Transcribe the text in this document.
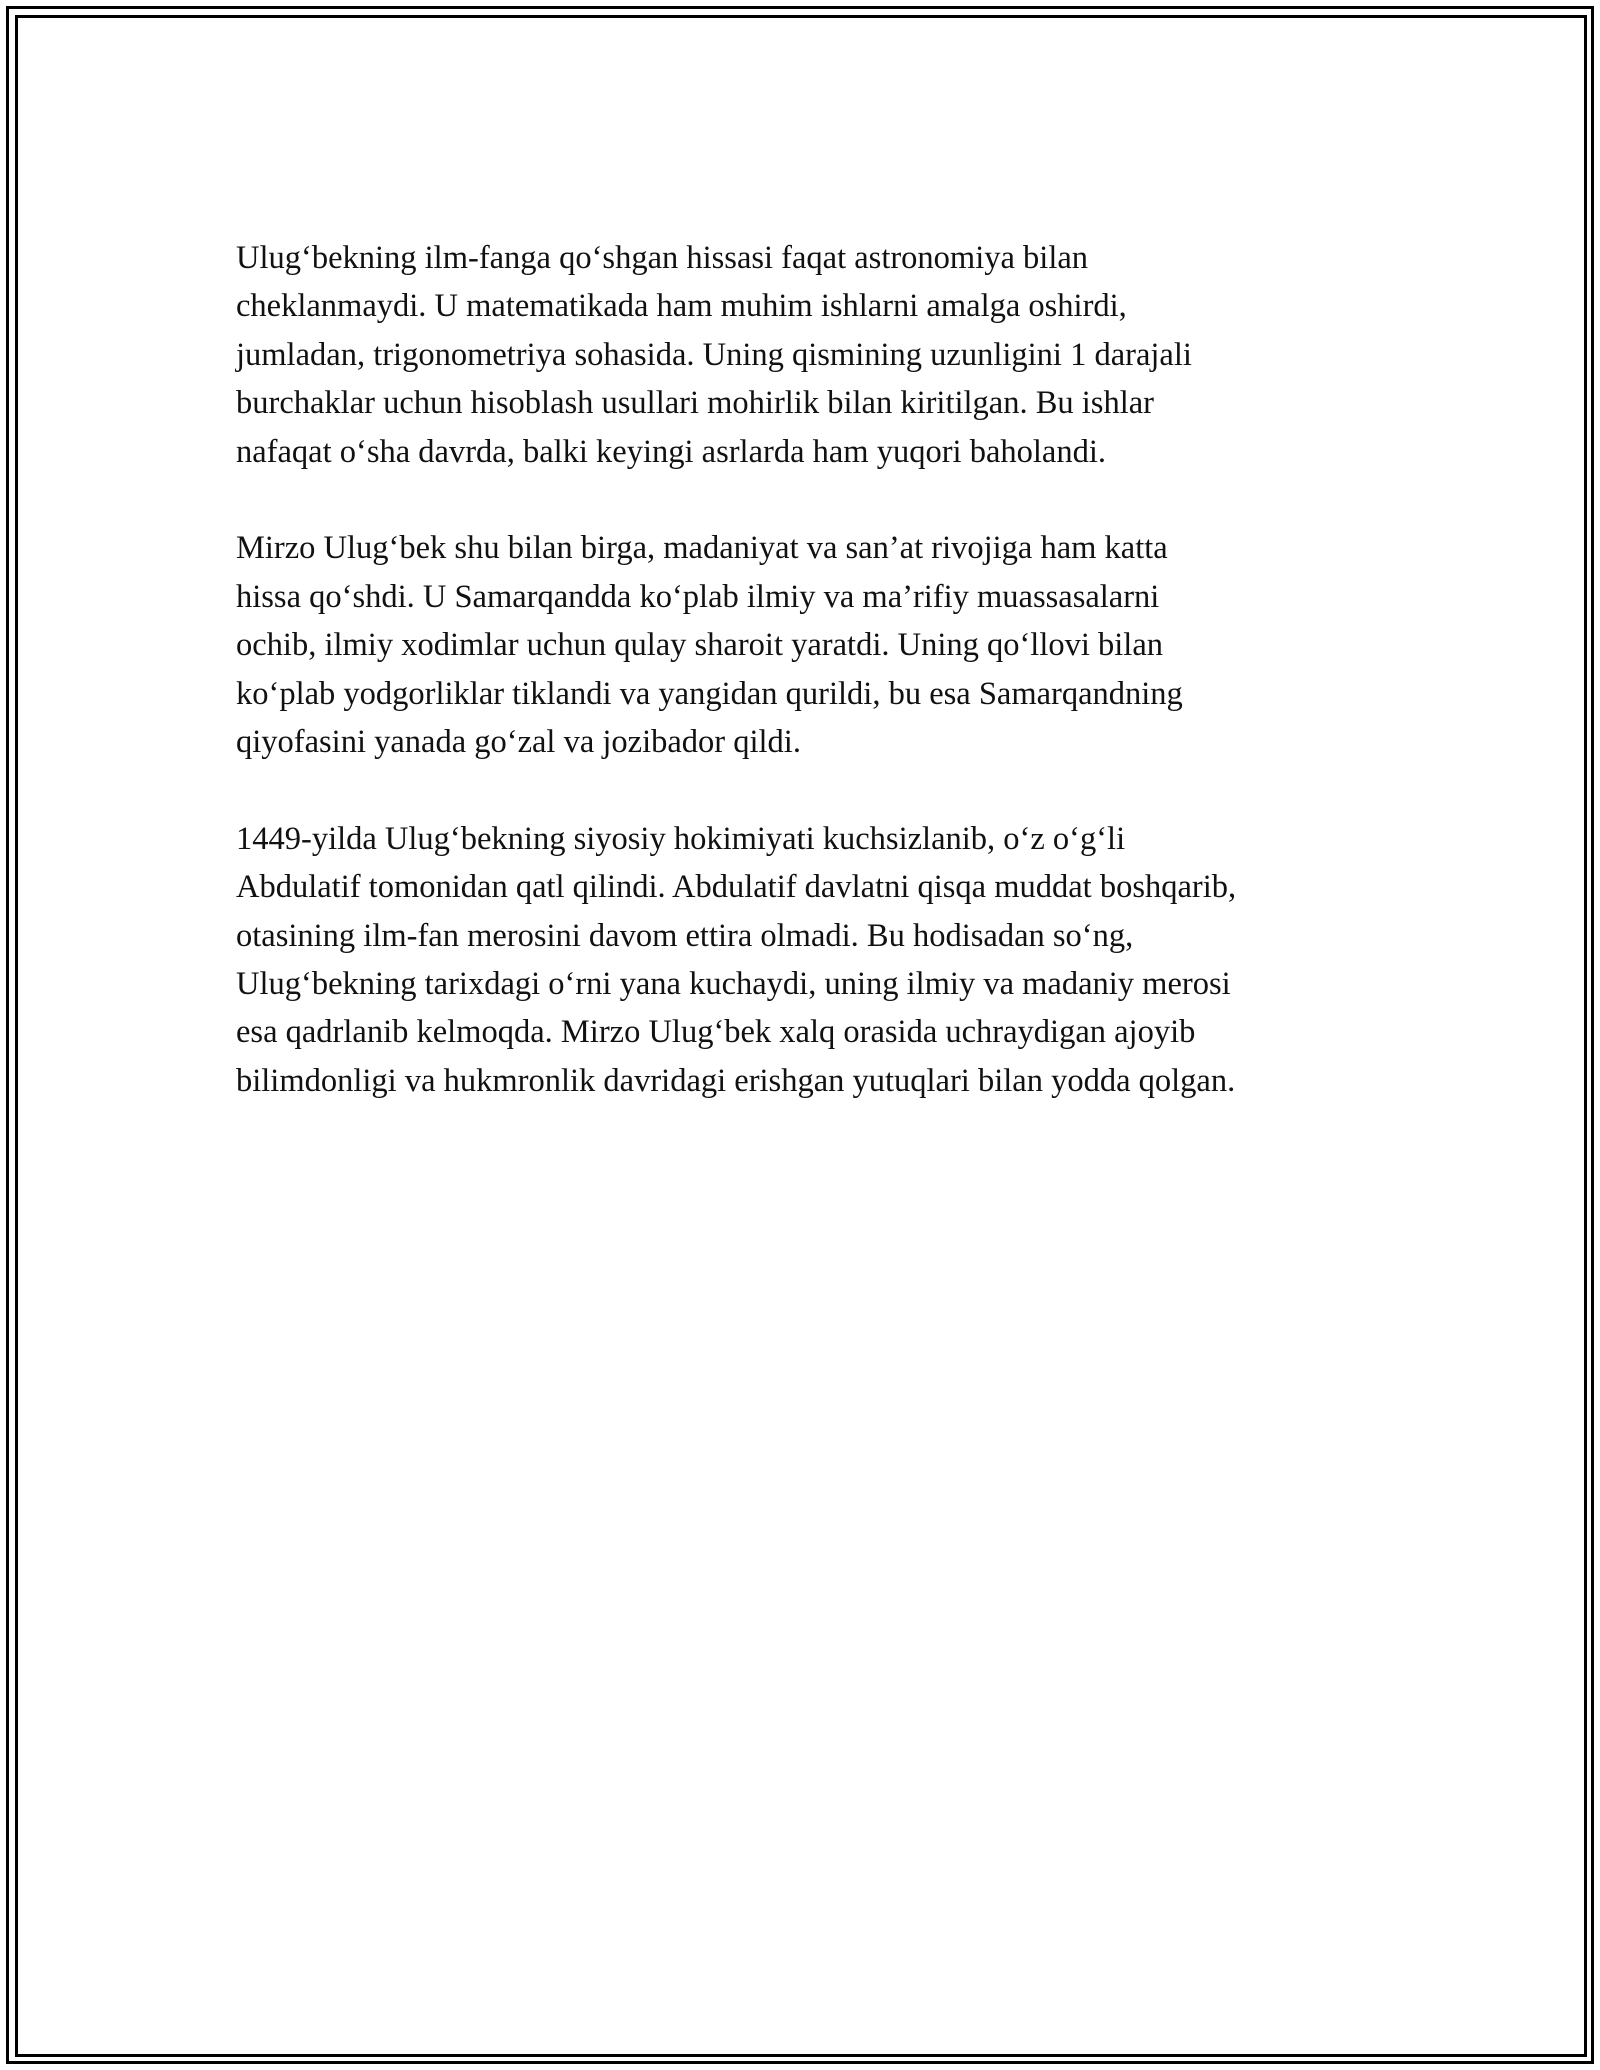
Ulug‘bekning ilm-fanga qo‘shgan hissasi faqat astronomiya bilan
cheklanmaydi. U matematikada ham muhim ishlarni amalga oshirdi,
jumladan, trigonometriya sohasida. Uning qismining uzunligini 1 darajali
burchaklar uchun hisoblash usullari mohirlik bilan kiritilgan. Bu ishlar
nafaqat o‘sha davrda, balki keyingi asrlarda ham yuqori baholandi.

Mirzo Ulug‘bek shu bilan birga, madaniyat va san’at rivojiga ham katta
hissa qo‘shdi. U Samarqandda ko‘plab ilmiy va ma’rifiy muassasalarni
ochib, ilmiy xodimlar uchun qulay sharoit yaratdi. Uning qo‘llovi bilan
ko‘plab yodgorliklar tiklandi va yangidan qurildi, bu esa Samarqandning
qiyofasini yanada go‘zal va jozibador qildi.

1449-yilda Ulug‘bekning siyosiy hokimiyati kuchsizlanib, o‘z o‘g‘li
Abdulatif tomonidan qatl qilindi. Abdulatif davlatni qisqa muddat boshqarib,
otasining ilm-fan merosini davom ettira olmadi. Bu hodisadan so‘ng,
Ulug‘bekning tarixdagi o‘rni yana kuchaydi, uning ilmiy va madaniy merosi
esa qadrlanib kelmoqda. Mirzo Ulug‘bek xalq orasida uchraydigan ajoyib
bilimdonligi va hukmronlik davridagi erishgan yutuqlari bilan yodda qolgan.
